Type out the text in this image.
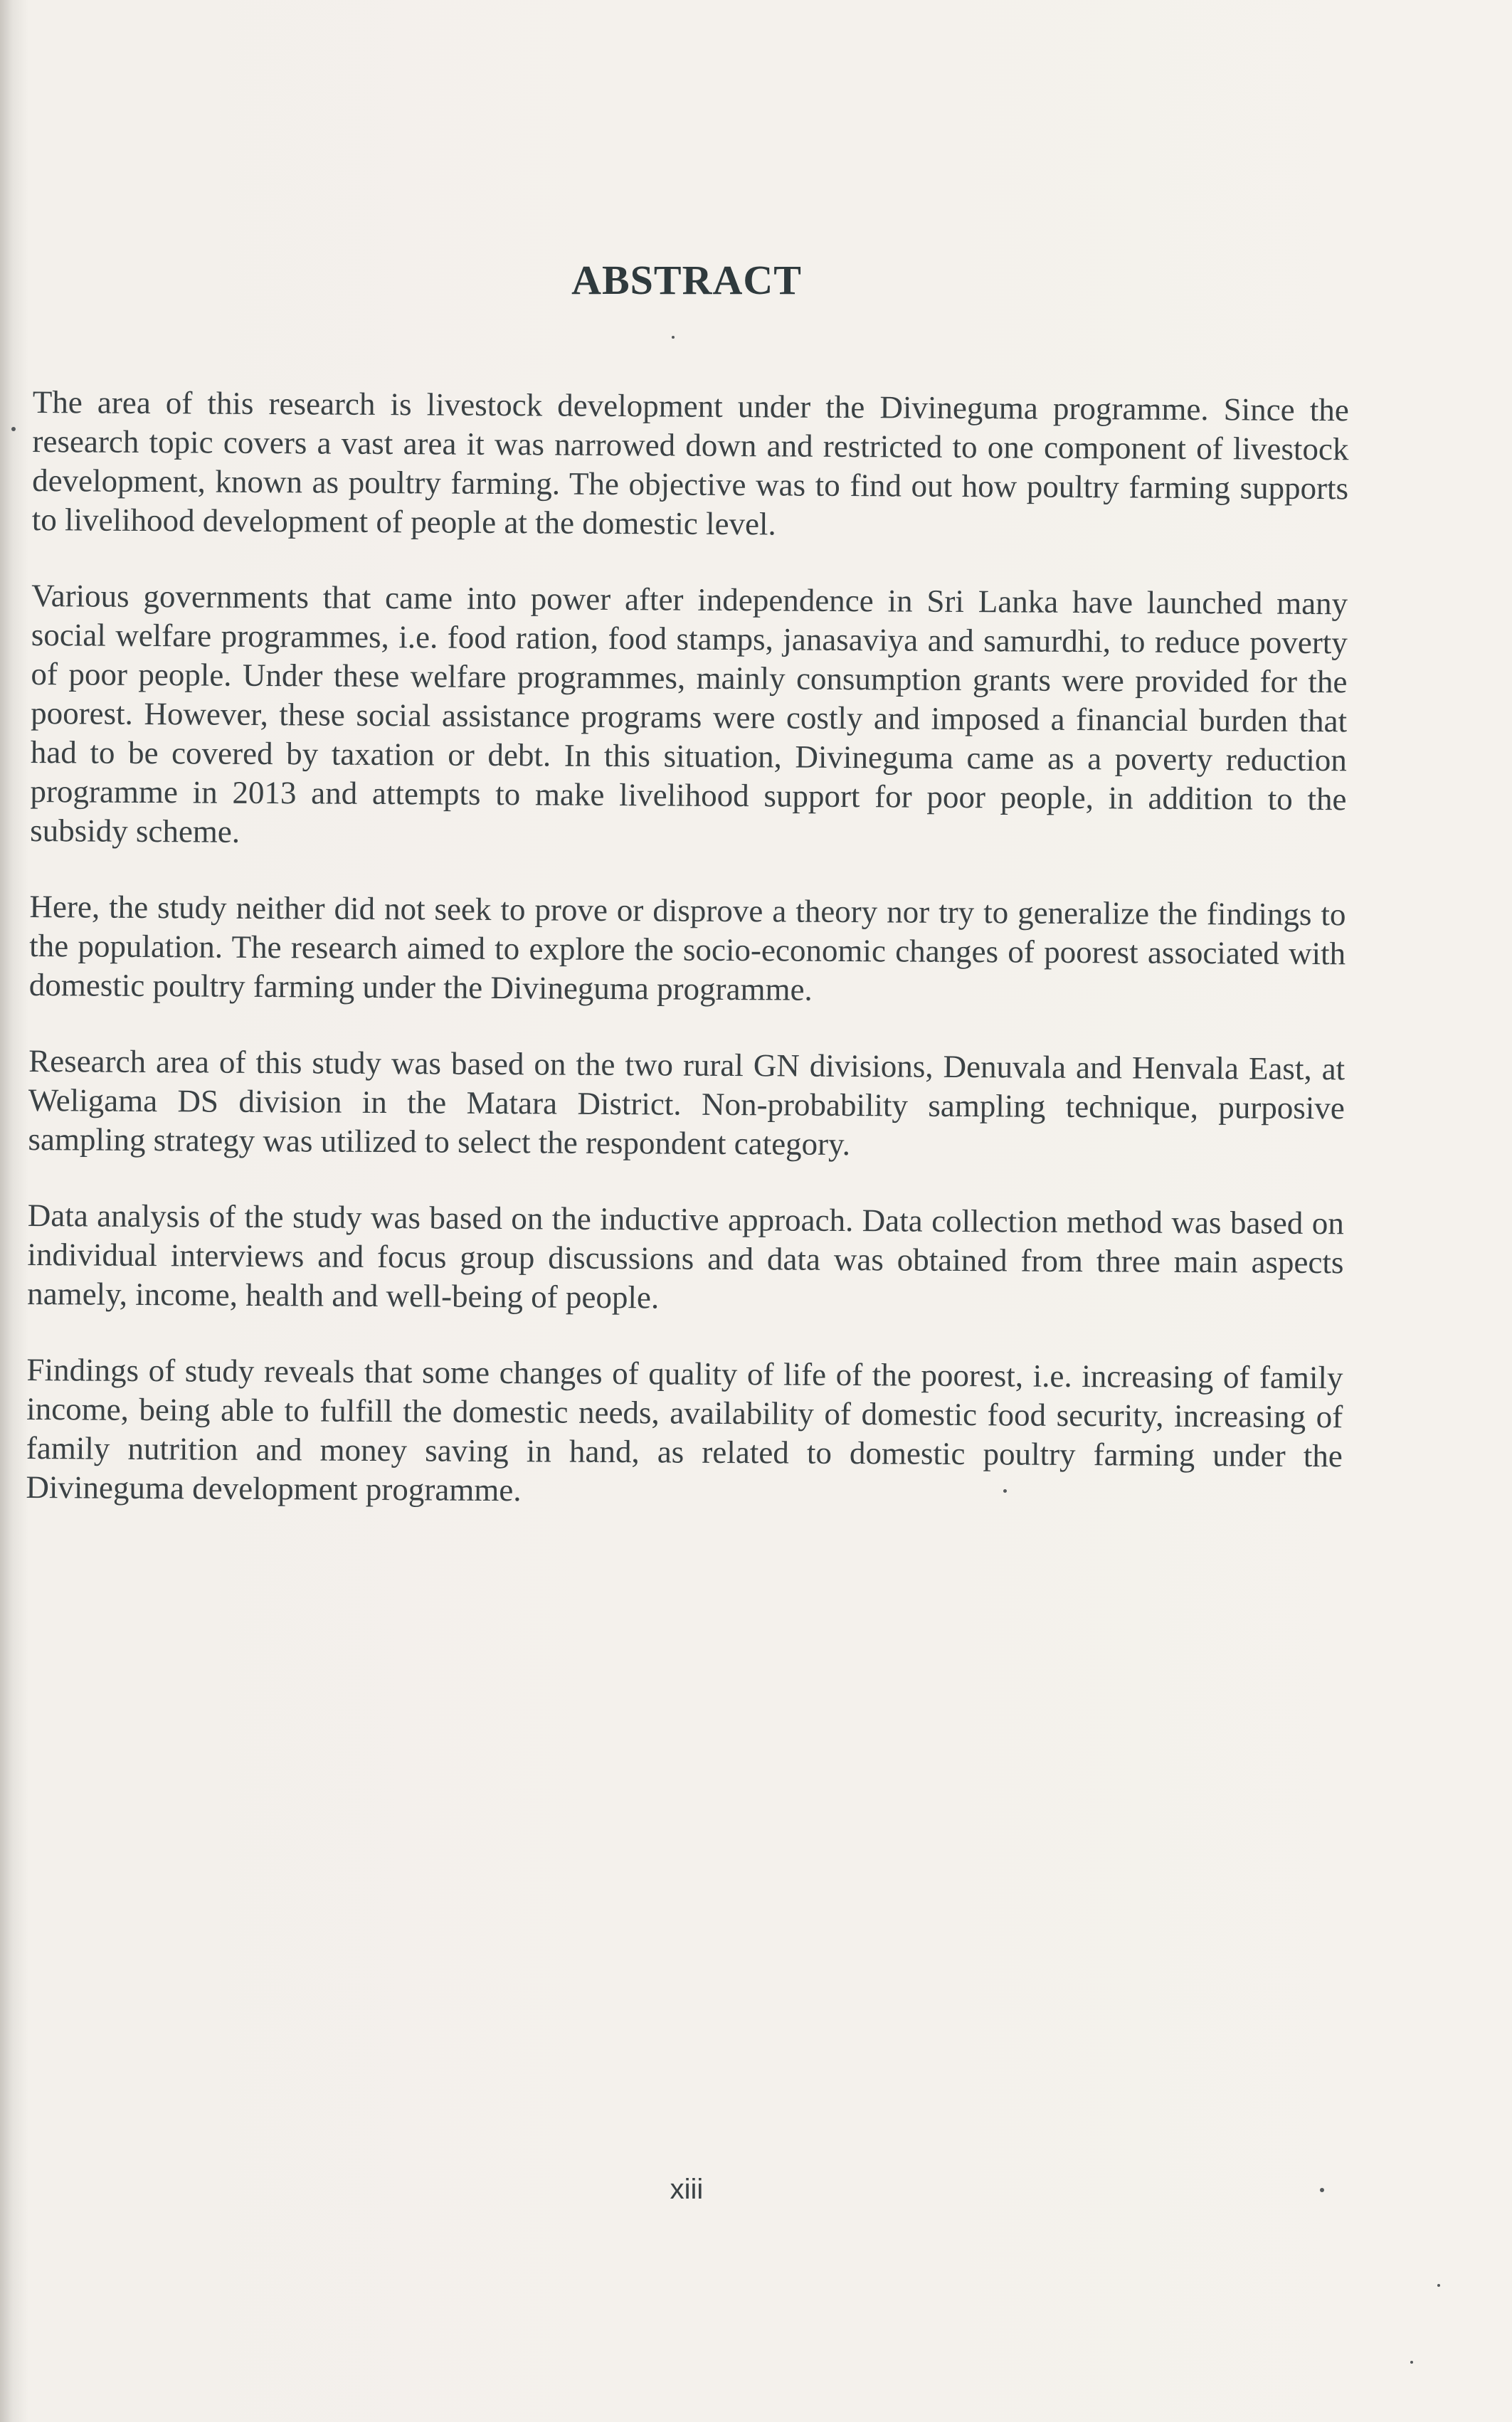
ABSTRACT

The area of this research is livestock development under the Divineguma programme. Since the research topic covers a vast area it was narrowed down and restricted to one component of livestock development, known as poultry farming. The objective was to find out how poultry farming supports to livelihood development of people at the domestic level.

Various governments that came into power after independence in Sri Lanka have launched many social welfare programmes, i.e. food ration, food stamps, janasaviya and samurdhi, to reduce poverty of poor people. Under these welfare programmes, mainly consumption grants were provided for the poorest. However, these social assistance programs were costly and imposed a financial burden that had to be covered by taxation or debt. In this situation, Divineguma came as a poverty reduction programme in 2013 and attempts to make livelihood support for poor people, in addition to the subsidy scheme.

Here, the study neither did not seek to prove or disprove a theory nor try to generalize the findings to the population. The research aimed to explore the socio-economic changes of poorest associated with domestic poultry farming under the Divineguma programme.

Research area of this study was based on the two rural GN divisions, Denuvala and Henvala East, at Weligama DS division in the Matara District. Non-probability sampling technique, purposive sampling strategy was utilized to select the respondent category.

Data analysis of the study was based on the inductive approach. Data collection method was based on individual interviews and focus group discussions and data was obtained from three main aspects namely, income, health and well-being of people.

Findings of study reveals that some changes of quality of life of the poorest, i.e. increasing of family income, being able to fulfill the domestic needs, availability of domestic food security, increasing of family nutrition and money saving in hand, as related to domestic poultry farming under the Divineguma development programme.

xiii
